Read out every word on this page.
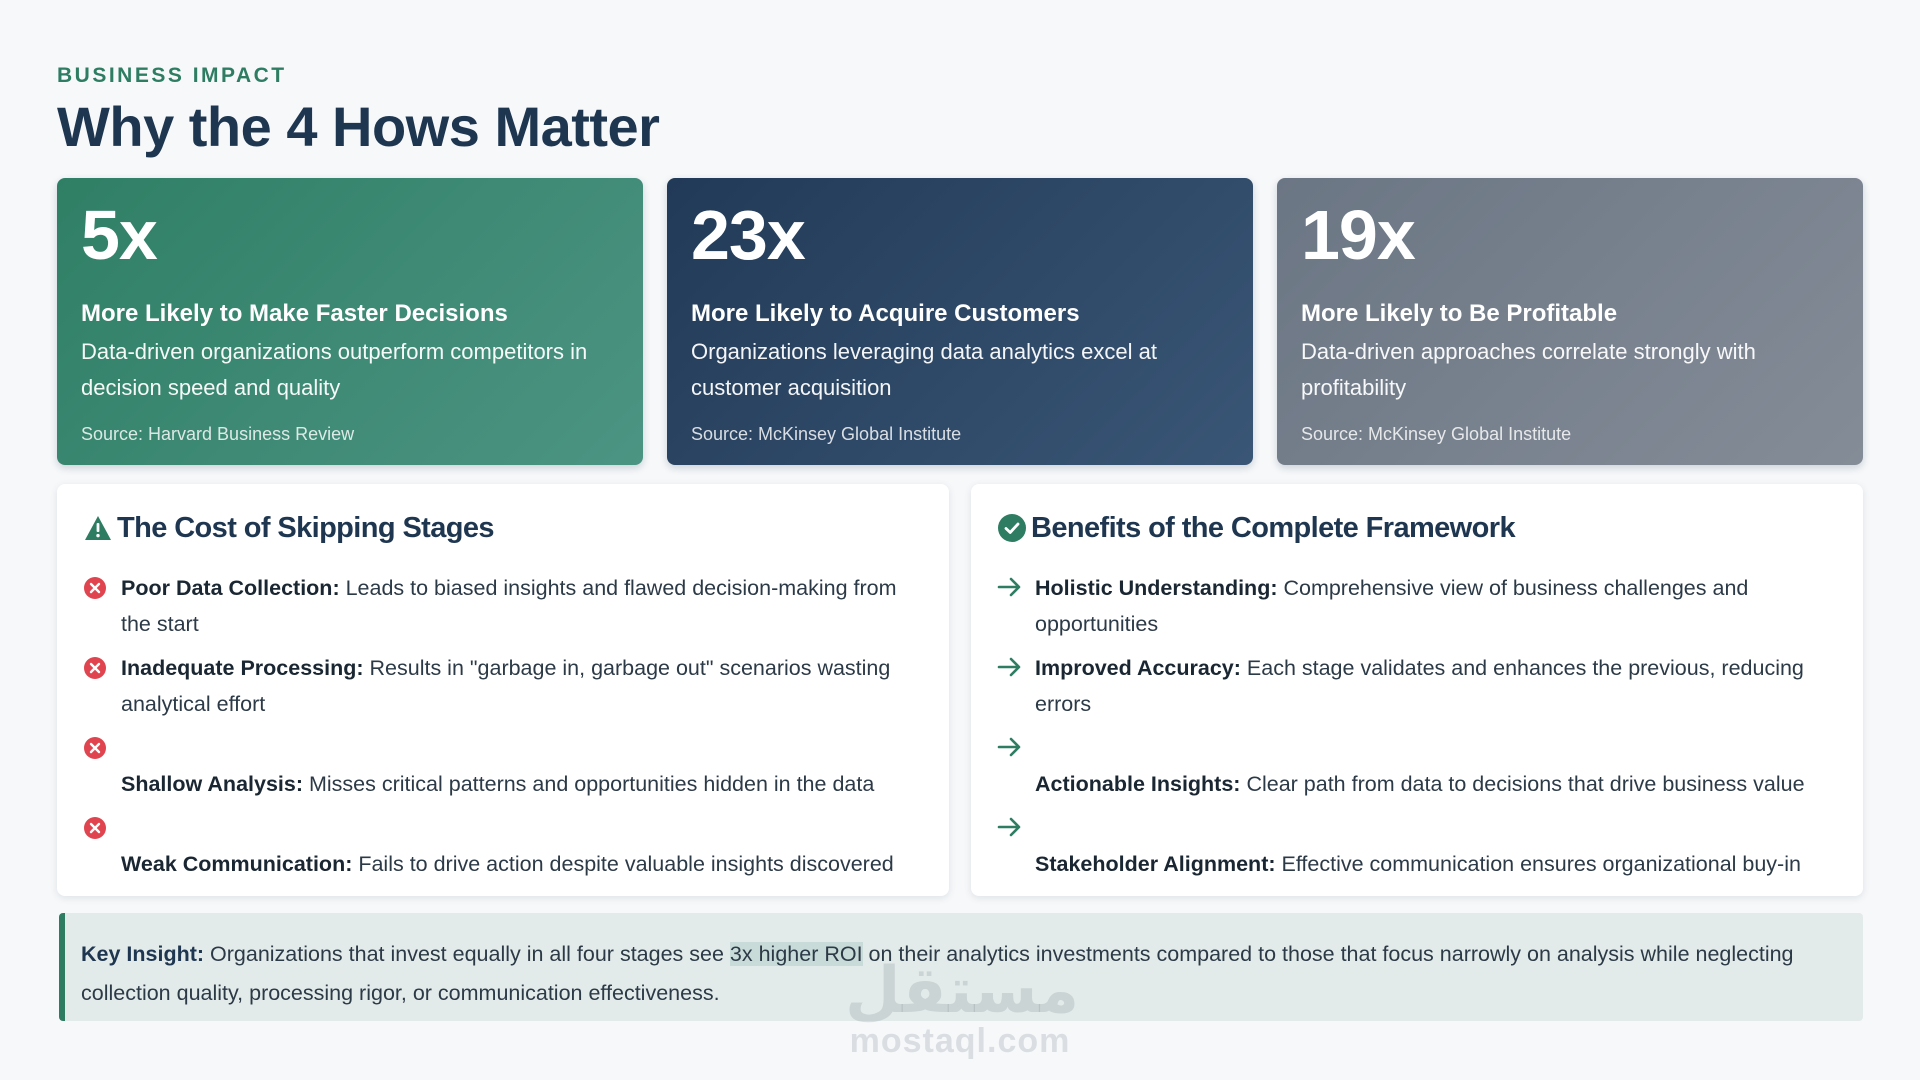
BUSINESS IMPACT

Why the 4 Hows Matter
5x
More Likely to Make Faster Decisions
Data-driven organizations outperform competitors in decision speed and quality
Source: Harvard Business Review
23x
More Likely to Acquire Customers
Organizations leveraging data analytics excel at customer acquisition
Source: McKinsey Global Institute
19x
More Likely to Be Profitable
Data-driven approaches correlate strongly with profitability
Source: McKinsey Global Institute
The Cost of Skipping Stages
Poor Data Collection: Leads to biased insights and flawed decision-making from the start
Inadequate Processing: Results in "garbage in, garbage out" scenarios wasting analytical effort
Shallow Analysis: Misses critical patterns and opportunities hidden in the data
Weak Communication: Fails to drive action despite valuable insights discovered
Benefits of the Complete Framework
Holistic Understanding: Comprehensive view of business challenges and opportunities
Improved Accuracy: Each stage validates and enhances the previous, reducing errors
Actionable Insights: Clear path from data to decisions that drive business value
Stakeholder Alignment: Effective communication ensures organizational buy-in
Key Insight: Organizations that invest equally in all four stages see 3x higher ROI on their analytics investments compared to those that focus narrowly on analysis while neglecting collection quality, processing rigor, or communication effectiveness.	مستقل
mostaql.com
